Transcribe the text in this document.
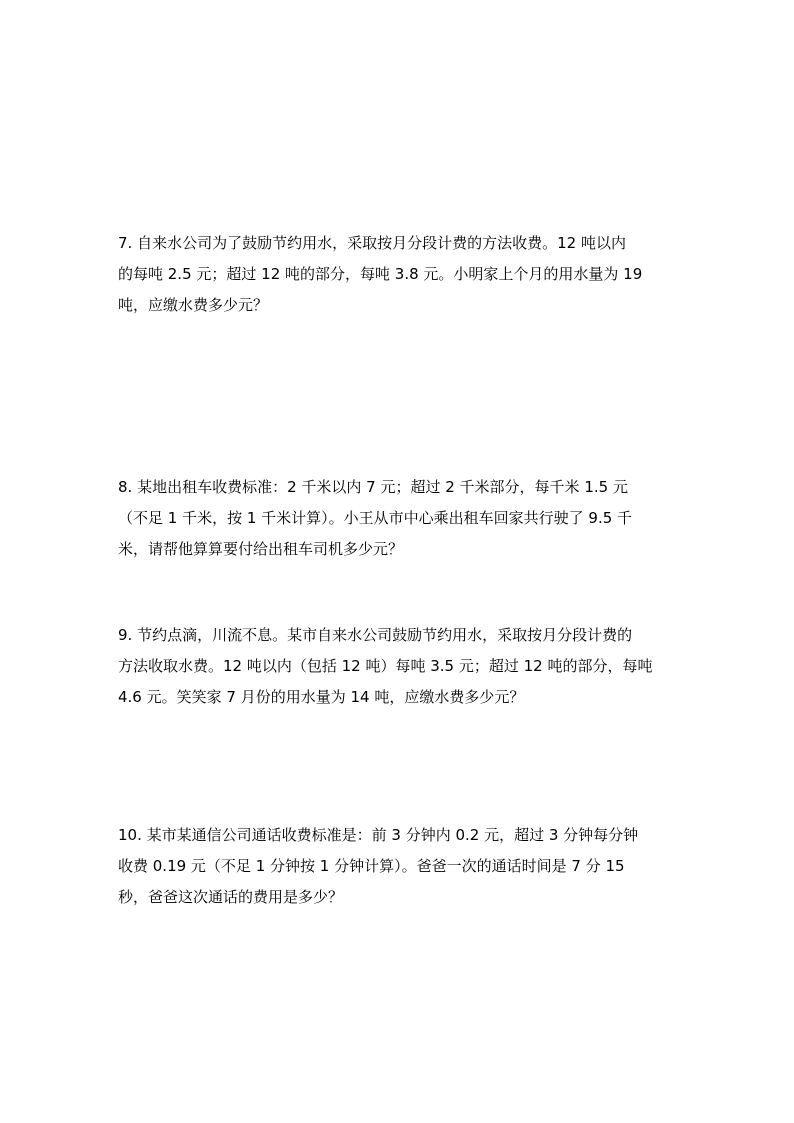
7. 自来水公司为了鼓励节约用水，采取按月分段计费的方法收费。12 吨以内
的每吨 2.5 元；超过 12 吨的部分，每吨 3.8 元。小明家上个月的用水量为 19
吨，应缴水费多少元？
8. 某地出租车收费标准：2 千米以内 7 元；超过 2 千米部分，每千米 1.5 元
（不足 1 千米，按 1 千米计算）。小王从市中心乘出租车回家共行驶了 9.5 千
米，请帮他算算要付给出租车司机多少元？
9. 节约点滴，川流不息。某市自来水公司鼓励节约用水，采取按月分段计费的
方法收取水费。12 吨以内（包括 12 吨）每吨 3.5 元；超过 12 吨的部分，每吨
4.6 元。笑笑家 7 月份的用水量为 14 吨，应缴水费多少元？
10. 某市某通信公司通话收费标准是：前 3 分钟内 0.2 元，超过 3 分钟每分钟
收费 0.19 元（不足 1 分钟按 1 分钟计算）。爸爸一次的通话时间是 7 分 15
秒，爸爸这次通话的费用是多少？
